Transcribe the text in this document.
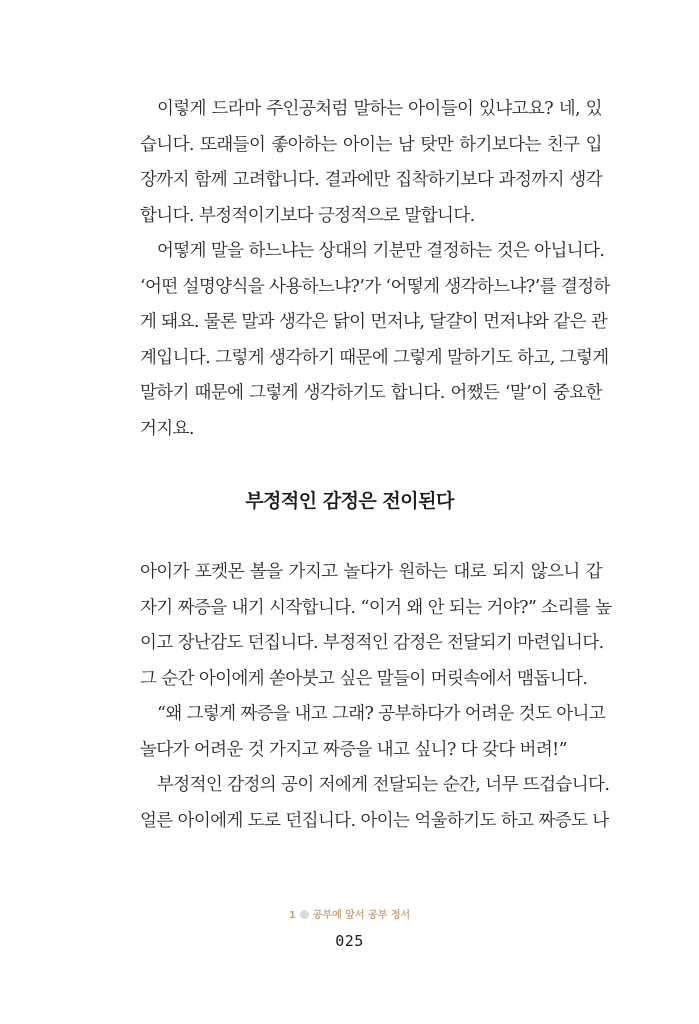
이렇게 드라마 주인공처럼 말하는 아이들이 있냐고요? 네, 있
습니다. 또래들이 좋아하는 아이는 남 탓만 하기보다는 친구 입
장까지 함께 고려합니다. 결과에만 집착하기보다 과정까지 생각
합니다. 부정적이기보다 긍정적으로 말합니다.
어떻게 말을 하느냐는 상대의 기분만 결정하는 것은 아닙니다.
‘어떤 설명양식을 사용하느냐?’가 ‘어떻게 생각하느냐?’를 결정하
게 돼요. 물론 말과 생각은 닭이 먼저냐, 달걀이 먼저냐와 같은 관
계입니다. 그렇게 생각하기 때문에 그렇게 말하기도 하고, 그렇게
말하기 때문에 그렇게 생각하기도 합니다. 어쨌든 ‘말’이 중요한
거지요.
부정적인 감정은 전이된다
아이가 포켓몬 볼을 가지고 놀다가 원하는 대로 되지 않으니 갑
자기 짜증을 내기 시작합니다. “이거 왜 안 되는 거야?” 소리를 높
이고 장난감도 던집니다. 부정적인 감정은 전달되기 마련입니다.
그 순간 아이에게 쏟아붓고 싶은 말들이 머릿속에서 맴돕니다.
“왜 그렇게 짜증을 내고 그래? 공부하다가 어려운 것도 아니고
놀다가 어려운 것 가지고 짜증을 내고 싶니? 다 갖다 버려!”
부정적인 감정의 공이 저에게 전달되는 순간, 너무 뜨겁습니다.
얼른 아이에게 도로 던집니다. 아이는 억울하기도 하고 짜증도 나
1 공부에 앞서 공부 정서
025
